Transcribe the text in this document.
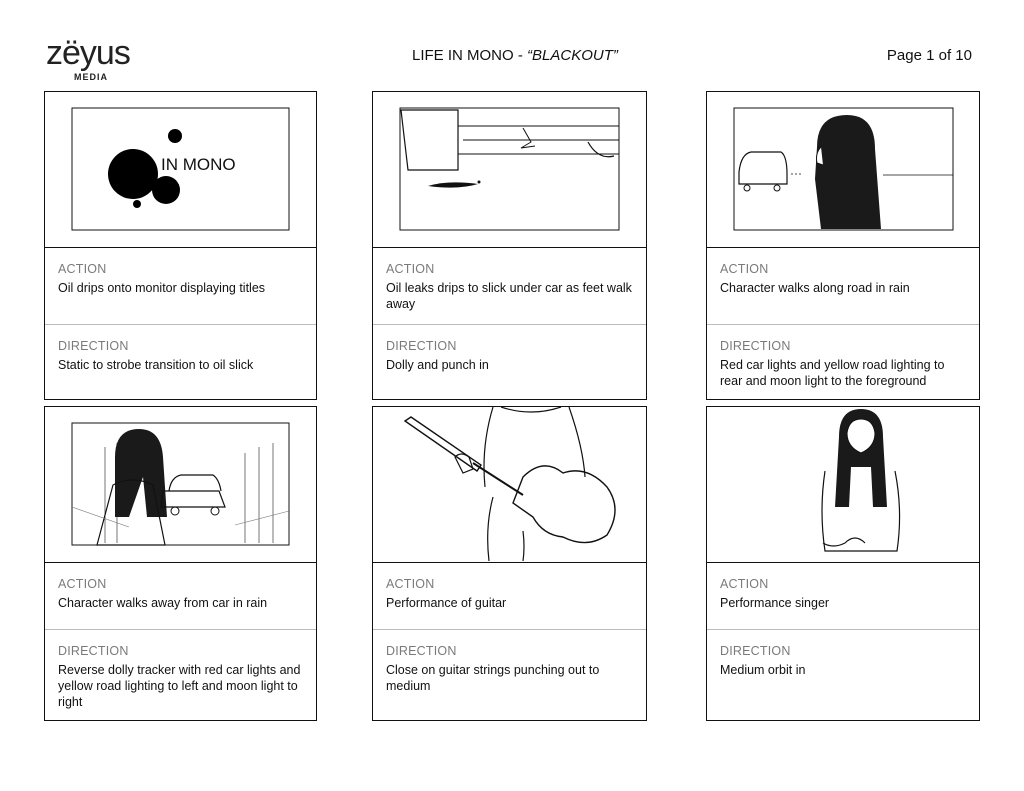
zëyus
MEDIA
LIFE IN MONO - “BLACKOUT”	Page 1 of 10
IN MONO
ACTION
Oil drips onto monitor displaying titles
DIRECTION
Static to strobe transition to oil slick
ACTION
Oil leaks drips to slick under car as feet walk away
DIRECTION
Dolly and punch in
ACTION
Character walks along road in rain
DIRECTION
Red car lights and yellow road lighting to rear and moon light to the foreground
ACTION
Character walks away from car in rain
DIRECTION
Reverse dolly tracker with red car lights and yellow road lighting to left and moon light to right
ACTION
Performance of guitar
DIRECTION
Close on guitar strings punching out to medium
ACTION
Performance singer
DIRECTION
Medium orbit in
